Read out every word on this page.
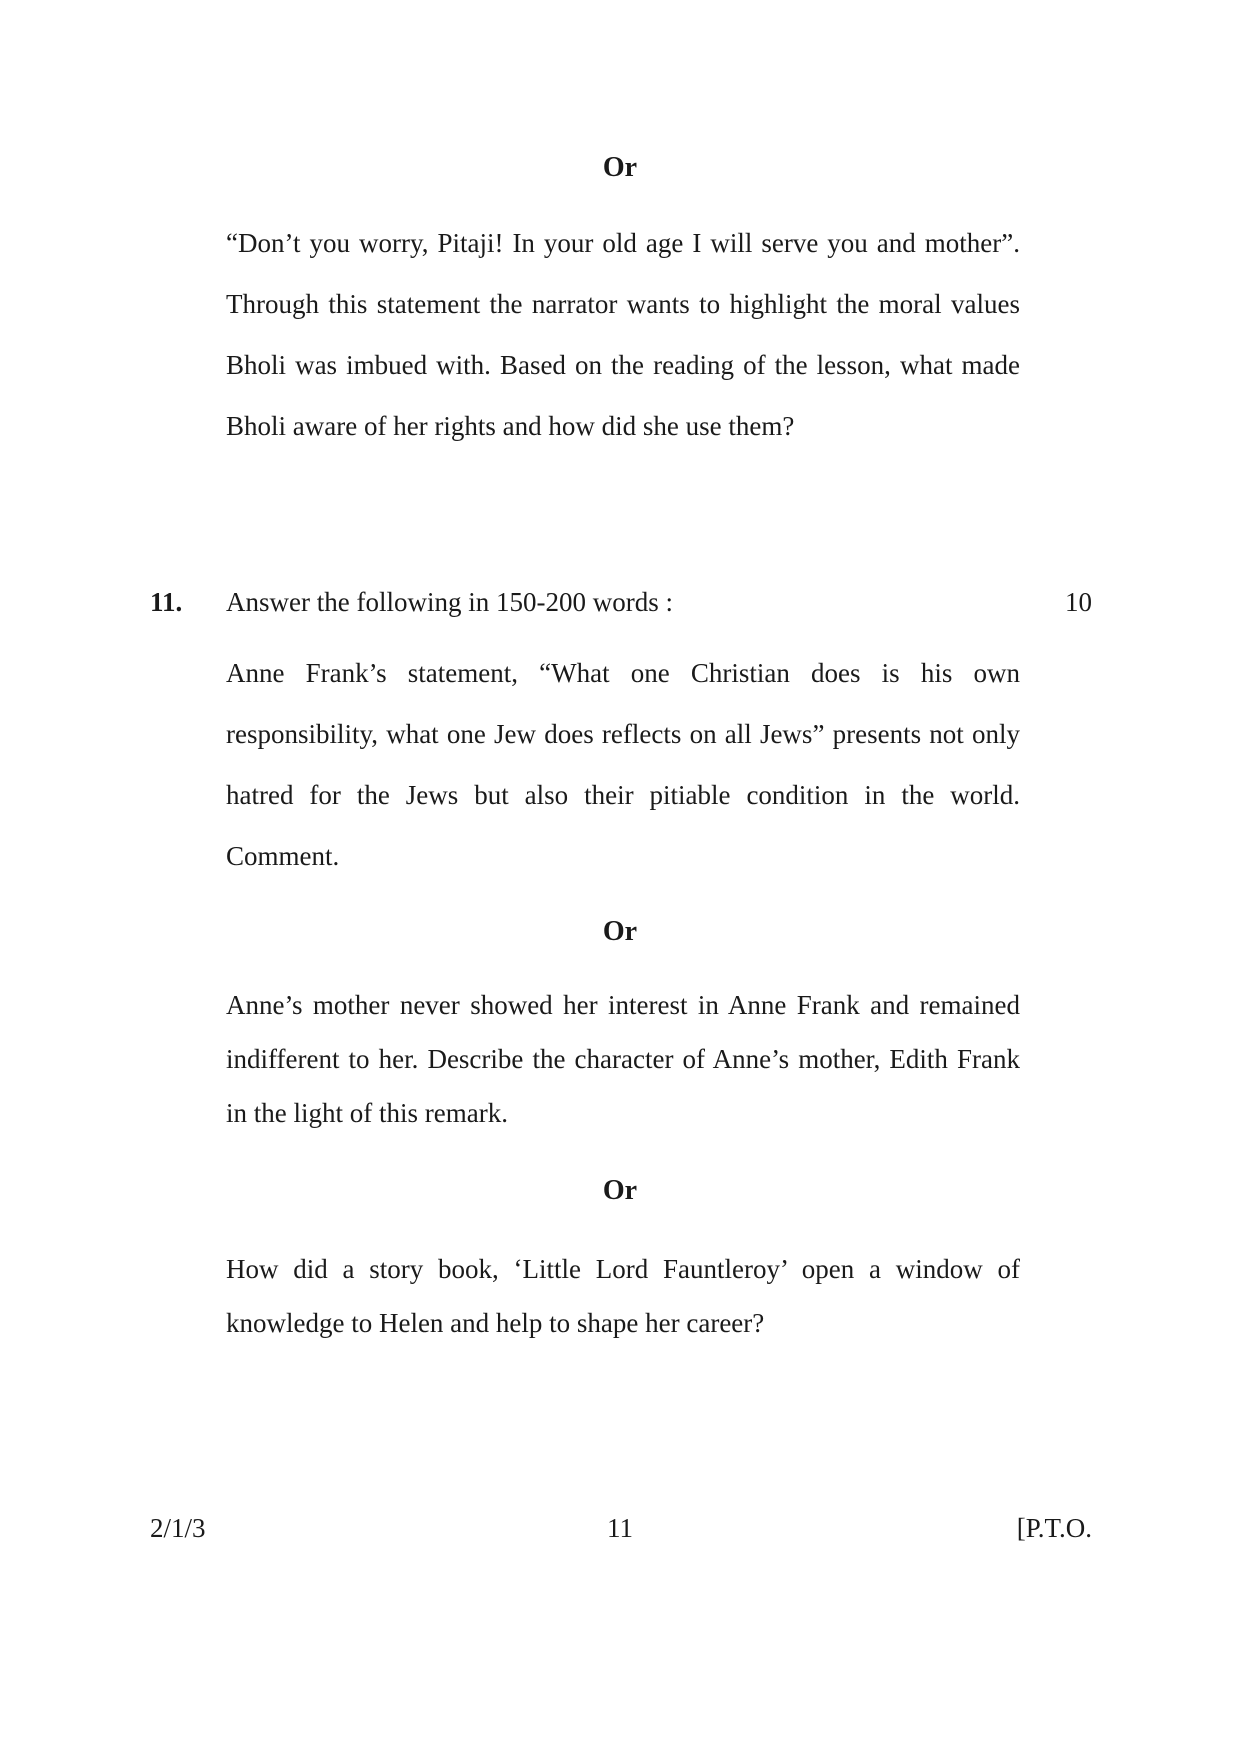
Or

“Don’t you worry, Pitaji! In your old age I will serve you and mother”. Through this statement the narrator wants to highlight the moral values Bholi was imbued with. Based on the reading of the lesson, what made Bholi aware of her rights and how did she use them?

11. Answer the following in 150-200 words :	10

Anne Frank’s statement, “What one Christian does is his own responsibility, what one Jew does reflects on all Jews” presents not only hatred for the Jews but also their pitiable condition in the world. Comment.

Or

Anne’s mother never showed her interest in Anne Frank and remained indifferent to her. Describe the character of Anne’s mother, Edith Frank in the light of this remark.

Or

How did a story book, ‘Little Lord Fauntleroy’ open a window of knowledge to Helen and help to shape her career?

2/1/3	11	[P.T.O.
